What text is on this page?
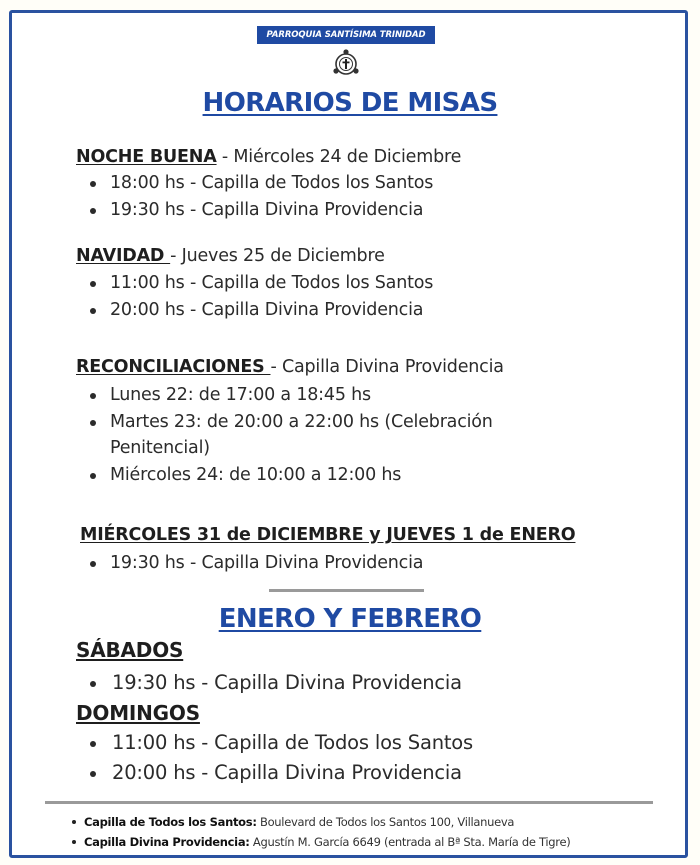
PARROQUIA SANTÍSIMA TRINIDAD
HORARIOS DE MISAS
NOCHE BUENA - Miércoles 24 de Diciembre
18:00 hs - Capilla de Todos los Santos
19:30 hs - Capilla Divina Providencia
NAVIDAD - Jueves 25 de Diciembre
11:00 hs - Capilla de Todos los Santos
20:00 hs - Capilla Divina Providencia
RECONCILIACIONES - Capilla Divina Providencia
Lunes 22: de 17:00 a 18:45 hs
Martes 23: de 20:00 a 22:00 hs (Celebración Penitencial)
Miércoles 24: de 10:00 a 12:00 hs
MIÉRCOLES 31 de DICIEMBRE y JUEVES 1 de ENERO
19:30 hs - Capilla Divina Providencia
ENERO Y FEBRERO
SÁBADOS
19:30 hs - Capilla Divina Providencia
DOMINGOS
11:00 hs - Capilla de Todos los Santos
20:00 hs - Capilla Divina Providencia
Capilla de Todos los Santos: Boulevard de Todos los Santos 100, Villanueva
Capilla Divina Providencia: Agustín M. García 6649 (entrada al Bª Sta. María de Tigre)
